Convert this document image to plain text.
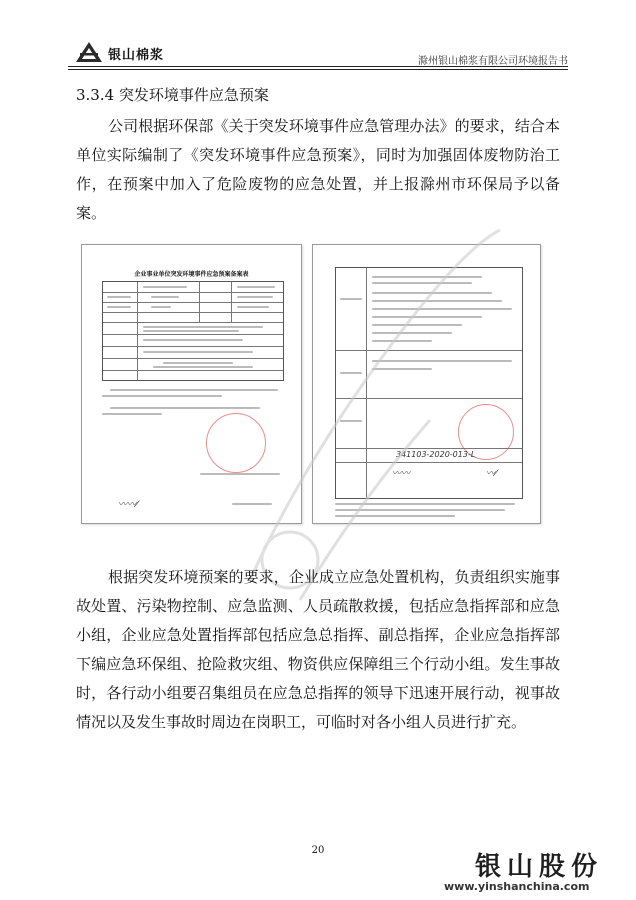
银山棉浆	滁州银山棉浆有限公司环境报告书
3.3.4 突发环境事件应急预案
公司根据环保部《关于突发环境事件应急管理办法》的要求，结合本单位实际编制了《突发环境事件应急预案》，同时为加强固体废物防治工作，在预案中加入了危险废物的应急处置，并上报滁州市环保局予以备案。
企业事业单位突发环境事件应急预案备案表
〰〰⁄
341103-2020-013-L
〰〰	〰⁄
根据突发环境预案的要求，企业成立应急处置机构，负责组织实施事故处置、污染物控制、应急监测、人员疏散救援，包括应急指挥部和应急小组，企业应急处置指挥部包括应急总指挥、副总指挥，企业应急指挥部下编应急环保组、抢险救灾组、物资供应保障组三个行动小组。发生事故时，各行动小组要召集组员在应急总指挥的领导下迅速开展行动，视事故情况以及发生事故时周边在岗职工，可临时对各小组人员进行扩充。
20
银山股份
www.yinshanchina.com
